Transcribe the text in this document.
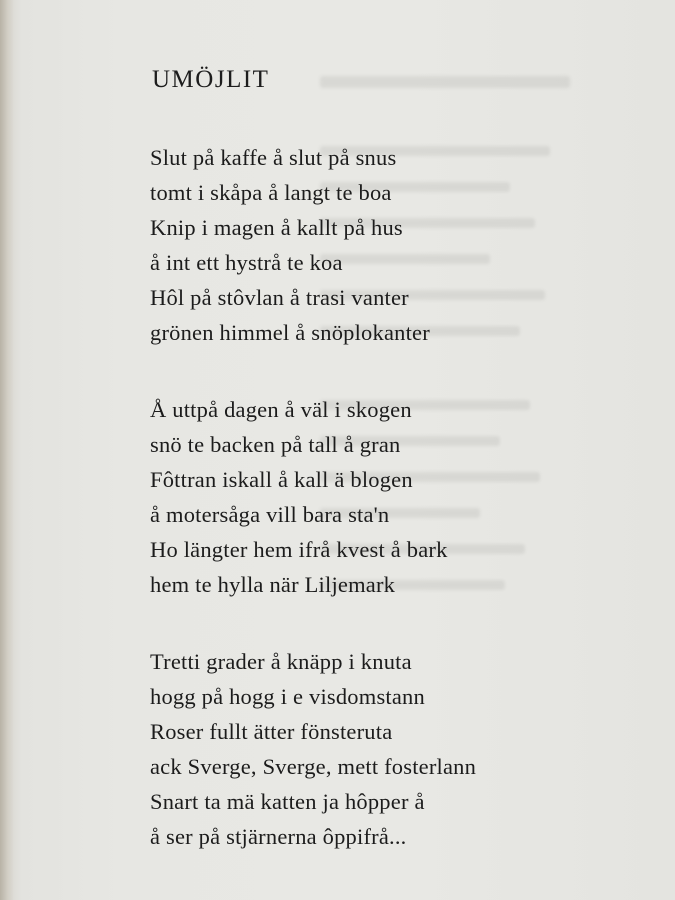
UMÖJLIT
Slut på kaffe å slut på snus
tomt i skåpa å langt te boa
Knip i magen å kallt på hus
å int ett hystrå te koa
Hôl på stôvlan å trasi vanter
grönen himmel å snöplokanter
Å uttpå dagen å väl i skogen
snö te backen på tall å gran
Fôttran iskall å kall ä blogen
å motersåga vill bara sta'n
Ho längter hem ifrå kvest å bark
hem te hylla när Liljemark
Tretti grader å knäpp i knuta
hogg på hogg i e visdomstann
Roser fullt ätter fönsteruta
ack Sverge, Sverge, mett fosterlann
Snart ta mä katten ja hôpper å
å ser på stjärnerna ôppifrå...
